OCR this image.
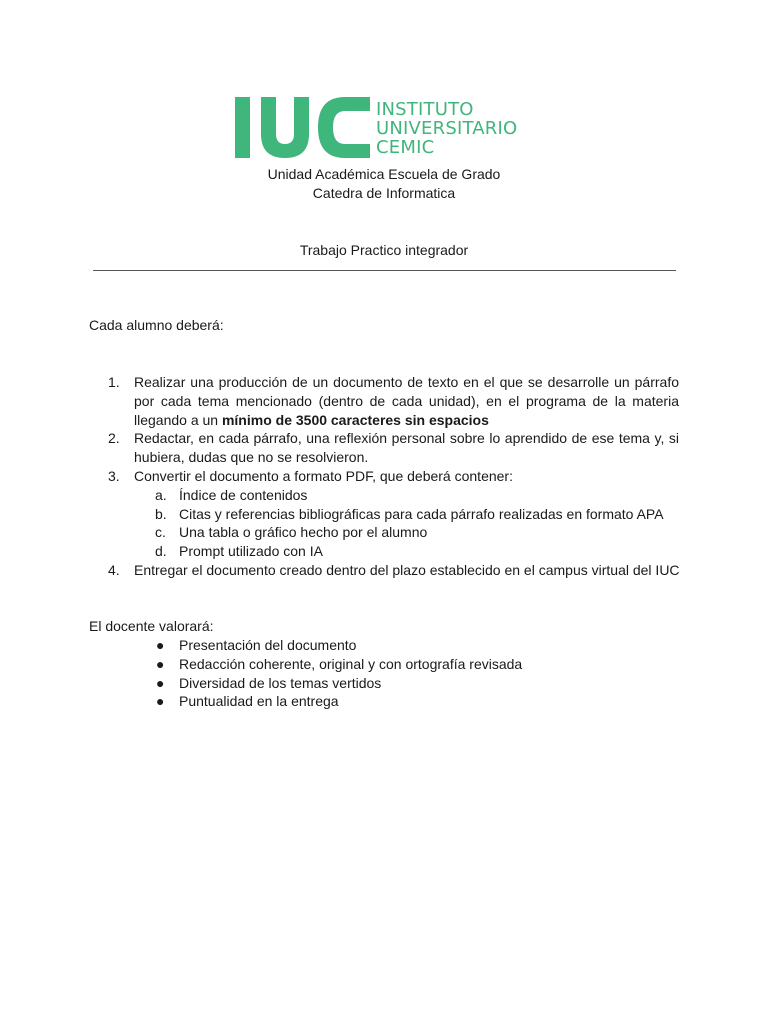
INSTITUTO
UNIVERSITARIO
CEMIC
Unidad Académica Escuela de Grado
Catedra de Informatica
Trabajo Practico integrador
Cada alumno deberá:
1. Realizar una producción de un documento de texto en el que se desarrolle un párrafo por cada tema mencionado (dentro de cada unidad), en el programa de la materia llegando a un mínimo de 3500 caracteres sin espacios
2. Redactar, en cada párrafo, una reflexión personal sobre lo aprendido de ese tema y, si hubiera, dudas que no se resolvieron.
3. Convertir el documento a formato PDF, que deberá contener:
a. Índice de contenidos
b. Citas y referencias bibliográficas para cada párrafo realizadas en formato APA
c. Una tabla o gráfico hecho por el alumno
d. Prompt utilizado con IA
4. Entregar el documento creado dentro del plazo establecido en el campus virtual del IUC
El docente valorará:
● Presentación del documento
● Redacción coherente, original y con ortografía revisada
● Diversidad de los temas vertidos
● Puntualidad en la entrega
